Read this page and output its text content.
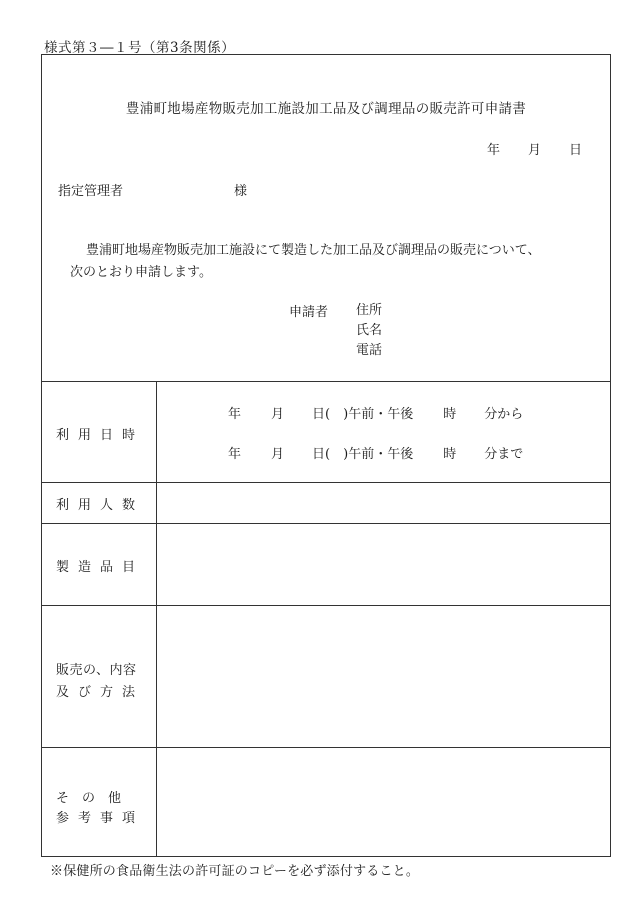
様式第３―１号（第3条関係）
豊浦町地場産物販売加工施設加工品及び調理品の販売許可申請書
年 月 日
指定管理者	様
豊浦町地場産物販売加工施設にて製造した加工品及び調理品の販売について、
次のとおり申請します。
申請者 住所
氏名
電話
利用日時
年 月 日(　)午前・午後 時 分から
年 月 日(　)午前・午後 時 分まで
利用人数
製造品目
販売の、内容
及び方法
そ　の　他
参考事項
※保健所の食品衛生法の許可証のコピーを必ず添付すること。
